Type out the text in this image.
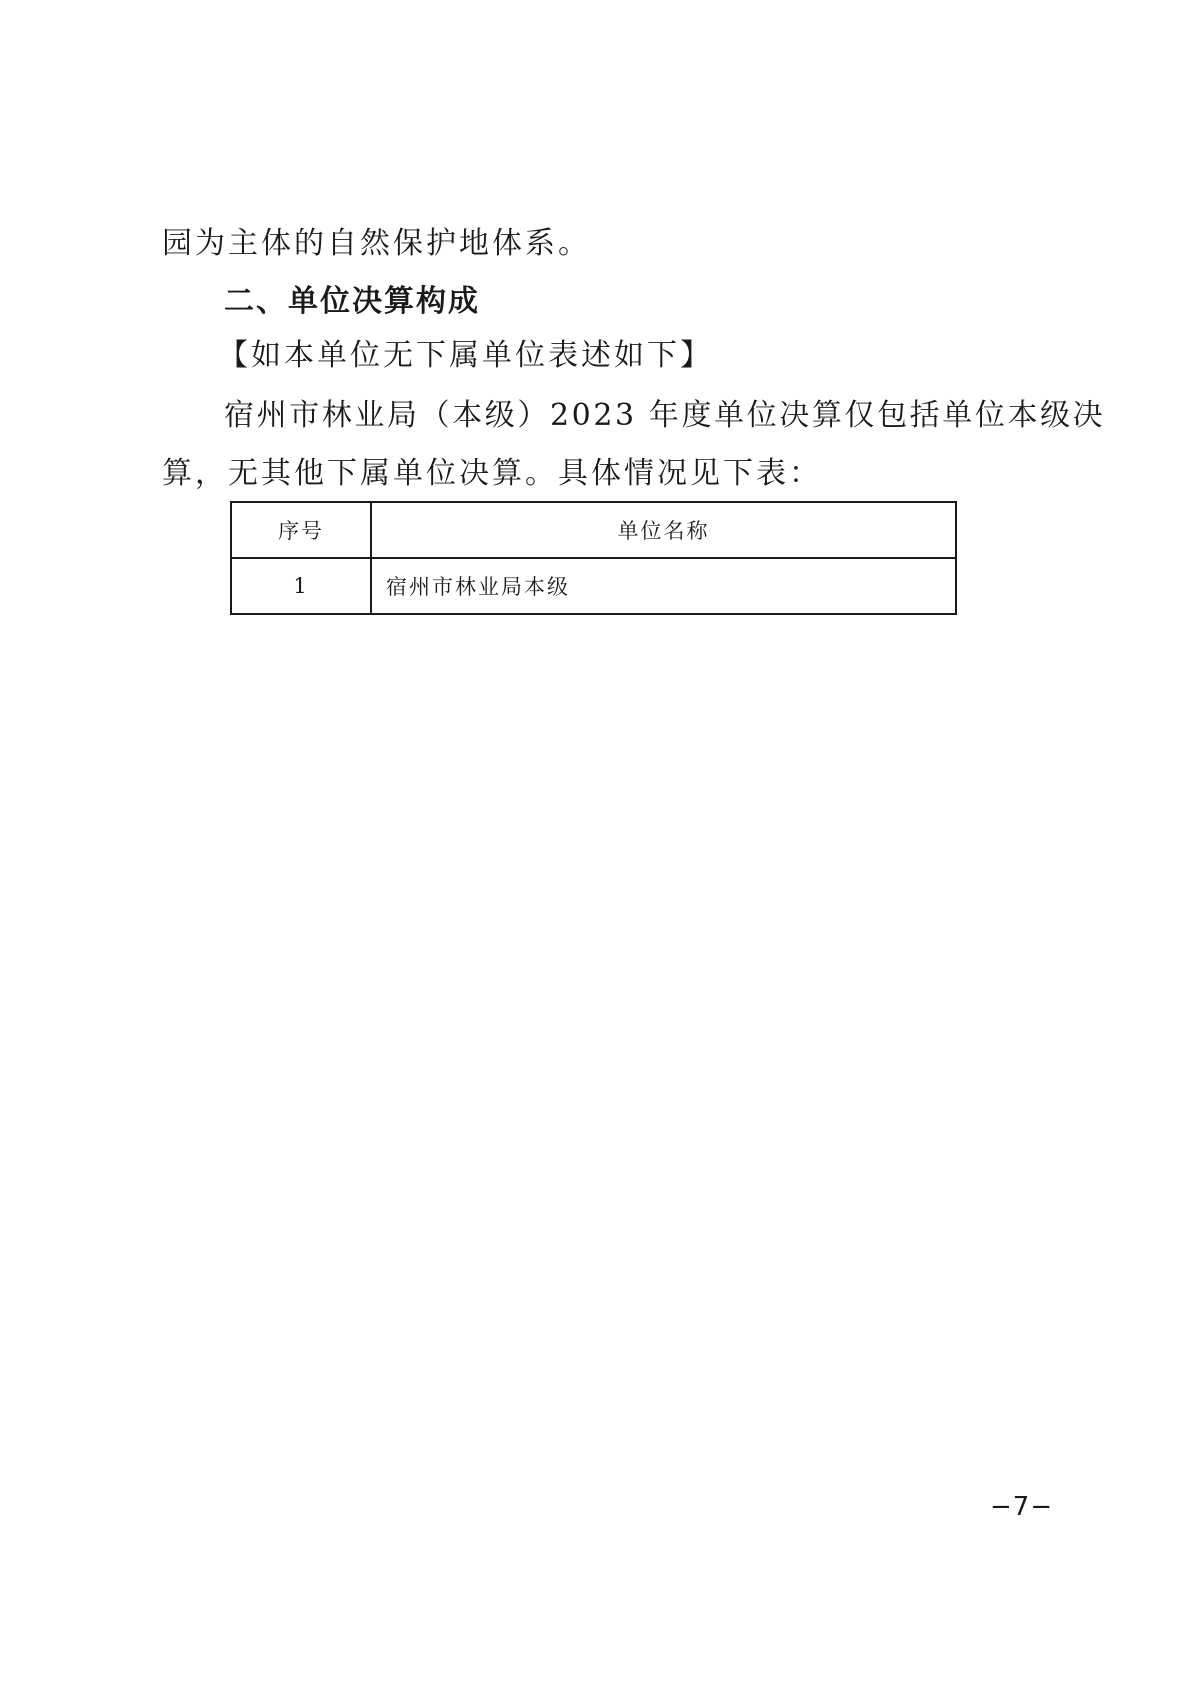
园为主体的自然保护地体系。
二、单位决算构成
【如本单位无下属单位表述如下】
宿州市林业局（本级）2023 年度单位决算仅包括单位本级决
算，无其他下属单位决算。具体情况见下表：
序号	单位名称
1	宿州市林业局本级
−7−
